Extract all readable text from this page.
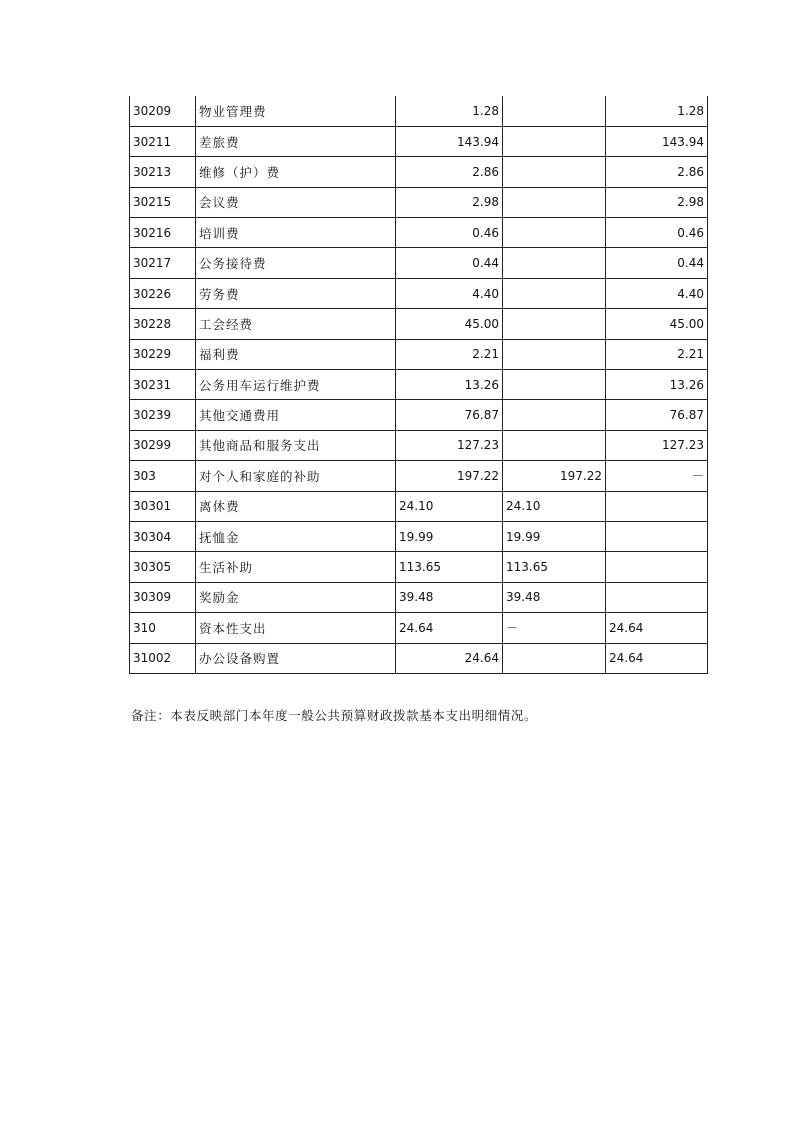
30209	物业管理费	1.28		1.28
30211	差旅费	143.94		143.94
30213	维修（护）费	2.86		2.86
30215	会议费	2.98		2.98
30216	培训费	0.46		0.46
30217	公务接待费	0.44		0.44
30226	劳务费	4.40		4.40
30228	工会经费	45.00		45.00
30229	福利费	2.21		2.21
30231	公务用车运行维护费	13.26		13.26
30239	其他交通费用	76.87		76.87
30299	其他商品和服务支出	127.23		127.23
303	对个人和家庭的补助	197.22	197.22	－
30301	离休费	24.10	24.10	
30304	抚恤金	19.99	19.99	
30305	生活补助	113.65	113.65	
30309	奖励金	39.48	39.48	
310	资本性支出	24.64	－	24.64
31002	办公设备购置	24.64		24.64
备注：本表反映部门本年度一般公共预算财政拨款基本支出明细情况。
